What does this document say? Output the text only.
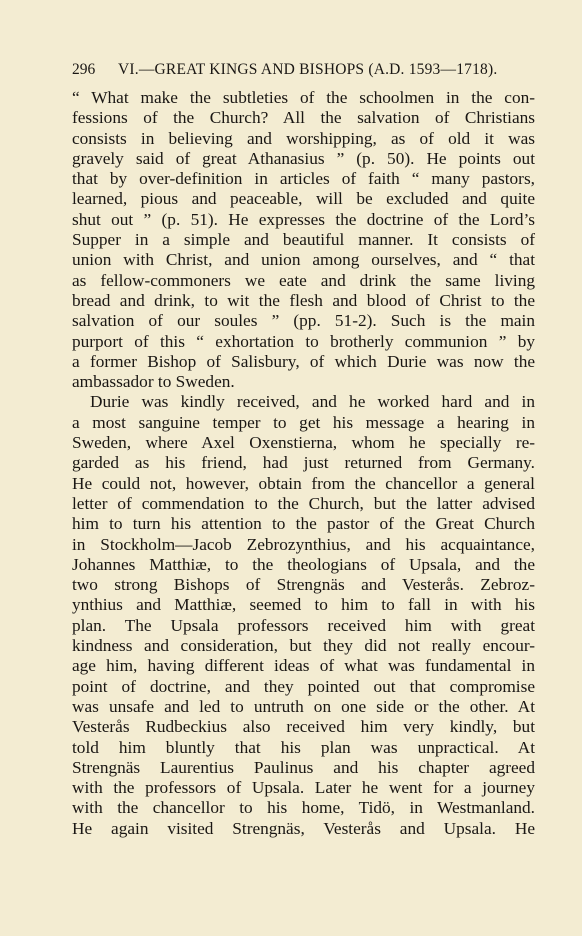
296 VI.—GREAT KINGS AND BISHOPS (A.D. 1593—1718).
“ What make the subtleties of the schoolmen in the con-
fessions of the Church? All the salvation of Christians
consists in believing and worshipping, as of old it was
gravely said of great Athanasius ” (p. 50). He points out
that by over-definition in articles of faith “ many pastors,
learned, pious and peaceable, will be excluded and quite
shut out ” (p. 51). He expresses the doctrine of the Lord’s
Supper in a simple and beautiful manner. It consists of
union with Christ, and union among ourselves, and “ that
as fellow-commoners we eate and drink the same living
bread and drink, to wit the flesh and blood of Christ to the
salvation of our soules ” (pp. 51-2). Such is the main
purport of this “ exhortation to brotherly communion ” by
a former Bishop of Salisbury, of which Durie was now the
ambassador to Sweden.
Durie was kindly received, and he worked hard and in
a most sanguine temper to get his message a hearing in
Sweden, where Axel Oxenstierna, whom he specially re-
garded as his friend, had just returned from Germany.
He could not, however, obtain from the chancellor a general
letter of commendation to the Church, but the latter advised
him to turn his attention to the pastor of the Great Church
in Stockholm—Jacob Zebrozynthius, and his acquaintance,
Johannes Matthiæ, to the theologians of Upsala, and the
two strong Bishops of Strengnäs and Vesterås. Zebroz-
ynthius and Matthiæ, seemed to him to fall in with his
plan. The Upsala professors received him with great
kindness and consideration, but they did not really encour-
age him, having different ideas of what was fundamental in
point of doctrine, and they pointed out that compromise
was unsafe and led to untruth on one side or the other. At
Vesterås Rudbeckius also received him very kindly, but
told him bluntly that his plan was unpractical. At
Strengnäs Laurentius Paulinus and his chapter agreed
with the professors of Upsala. Later he went for a journey
with the chancellor to his home, Tidö, in Westmanland.
He again visited Strengnäs, Vesterås and Upsala. He
